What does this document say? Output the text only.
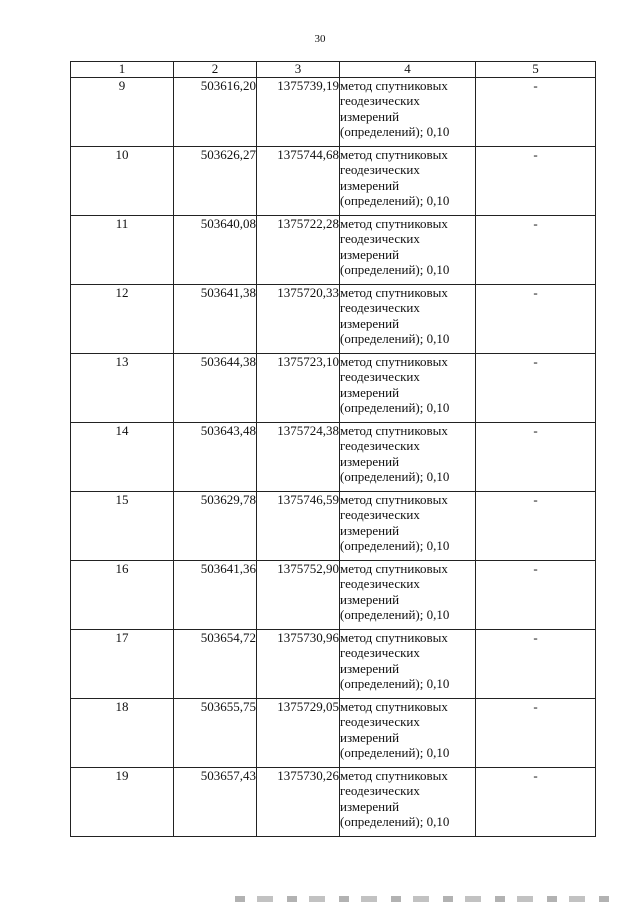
30
1	2	3	4	5
9	503616,20	1375739,19	метод спутниковых геодезических измерений (определений); 0,10	-
10	503626,27	1375744,68	метод спутниковых геодезических измерений (определений); 0,10	-
11	503640,08	1375722,28	метод спутниковых геодезических измерений (определений); 0,10	-
12	503641,38	1375720,33	метод спутниковых геодезических измерений (определений); 0,10	-
13	503644,38	1375723,10	метод спутниковых геодезических измерений (определений); 0,10	-
14	503643,48	1375724,38	метод спутниковых геодезических измерений (определений); 0,10	-
15	503629,78	1375746,59	метод спутниковых геодезических измерений (определений); 0,10	-
16	503641,36	1375752,90	метод спутниковых геодезических измерений (определений); 0,10	-
17	503654,72	1375730,96	метод спутниковых геодезических измерений (определений); 0,10	-
18	503655,75	1375729,05	метод спутниковых геодезических измерений (определений); 0,10	-
19	503657,43	1375730,26	метод спутниковых геодезических измерений (определений); 0,10	-
